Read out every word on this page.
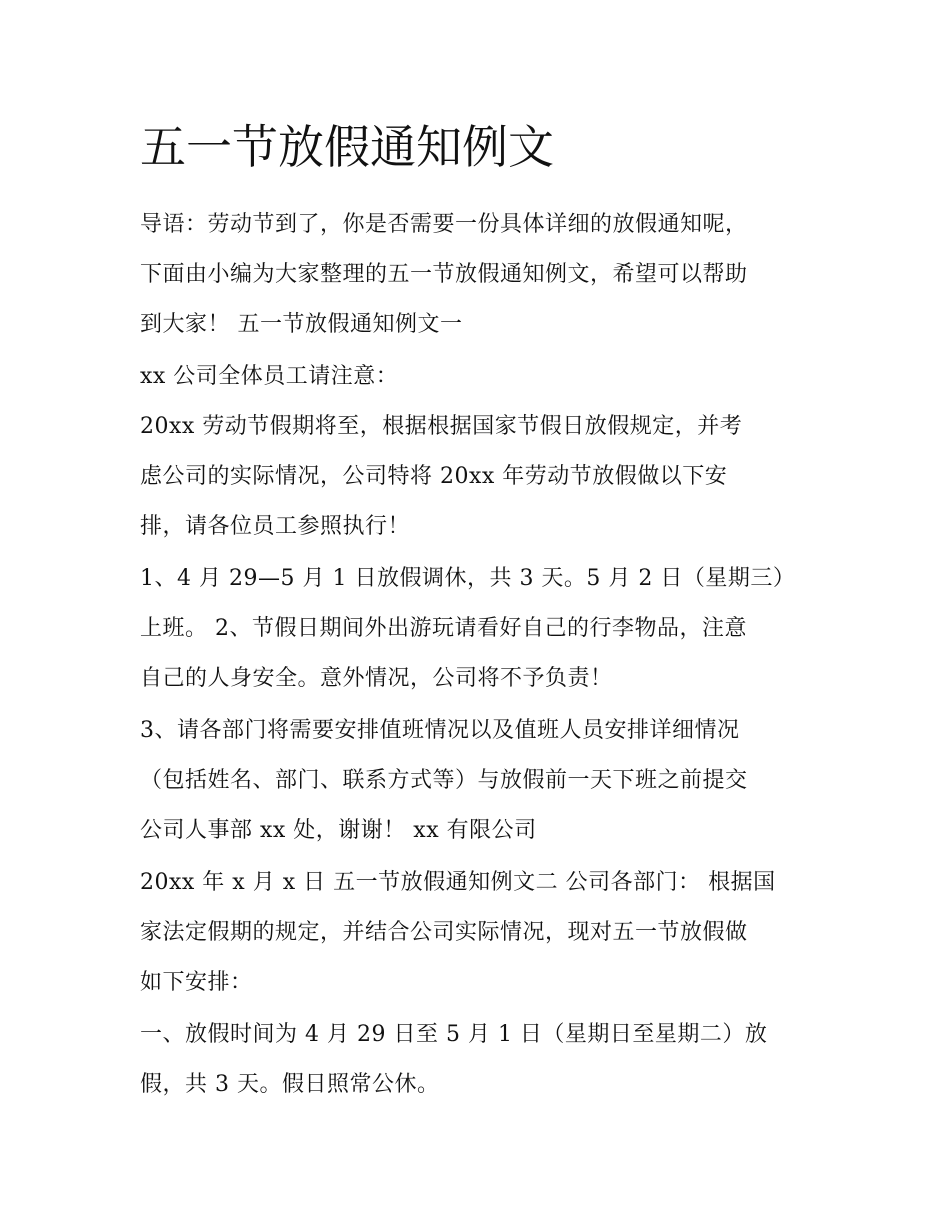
五一节放假通知例文

导语：劳动节到了，你是否需要一份具体详细的放假通知呢，

下面由小编为大家整理的五一节放假通知例文，希望可以帮助

到大家！ 五一节放假通知例文一

xx 公司全体员工请注意：

20xx 劳动节假期将至，根据根据国家节假日放假规定，并考

虑公司的实际情况，公司特将 20xx 年劳动节放假做以下安

排，请各位员工参照执行！

1、4 月 29—5 月 1 日放假调休，共 3 天。5 月 2 日（星期三）

上班。 2、节假日期间外出游玩请看好自己的行李物品，注意

自己的人身安全。意外情况，公司将不予负责！

3、请各部门将需要安排值班情况以及值班人员安排详细情况

（包括姓名、部门、联系方式等）与放假前一天下班之前提交

公司人事部 xx 处，谢谢！ xx 有限公司

20xx 年 x 月 x 日 五一节放假通知例文二 公司各部门： 根据国

家法定假期的规定，并结合公司实际情况，现对五一节放假做

如下安排：

一、放假时间为 4 月 29 日至 5 月 1 日（星期日至星期二）放

假，共 3 天。假日照常公休。
